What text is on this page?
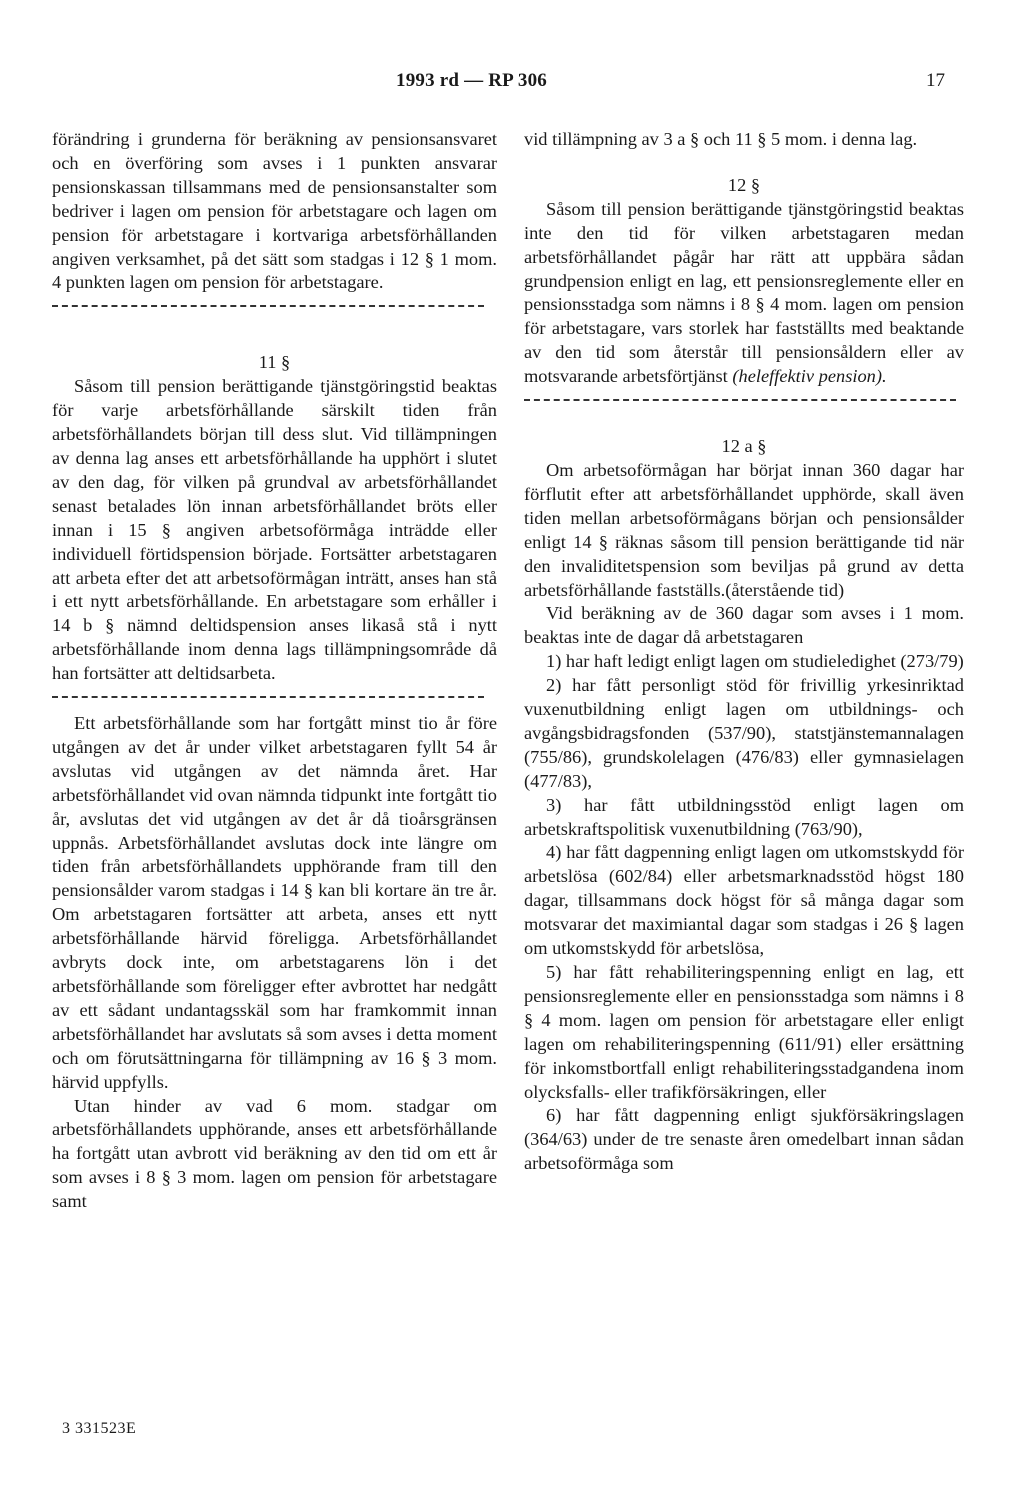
1993 rd — RP 306	17

förändring i grunderna för beräkning av pensionsansvaret och en överföring som avses i 1 punkten ansvarar pensionskassan tillsammans med de pensionsanstalter som bedriver i lagen om pension för arbetstagare och lagen om pension för arbetstagare i kortvariga arbetsförhållanden angiven verksamhet, på det sätt som stadgas i 12 § 1 mom. 4 punkten lagen om pension för arbetstagare.

11 §

Såsom till pension berättigande tjänstgöringstid beaktas för varje arbetsförhållande särskilt tiden från arbetsförhållandets början till dess slut. Vid tillämpningen av denna lag anses ett arbetsförhållande ha upphört i slutet av den dag, för vilken på grundval av arbetsförhållandet senast betalades lön innan arbetsförhållandet bröts eller innan i 15 § angiven arbetsoförmåga inträdde eller individuell förtidspension började. Fortsätter arbetstagaren att arbeta efter det att arbetsoförmågan inträtt, anses han stå i ett nytt arbetsförhållande. En arbetstagare som erhåller i 14 b § nämnd deltidspension anses likaså stå i nytt arbetsförhållande inom denna lags tillämpningsområde då han fortsätter att deltidsarbeta.

Ett arbetsförhållande som har fortgått minst tio år före utgången av det år under vilket arbetstagaren fyllt 54 år avslutas vid utgången av det nämnda året. Har arbetsförhållandet vid ovan nämnda tidpunkt inte fortgått tio år, avslutas det vid utgången av det år då tioårsgränsen uppnås. Arbetsförhållandet avslutas dock inte längre om tiden från arbetsförhållandets upphörande fram till den pensionsålder varom stadgas i 14 § kan bli kortare än tre år. Om arbetstagaren fortsätter att arbeta, anses ett nytt arbetsförhållande härvid föreligga. Arbetsförhållandet avbryts dock inte, om arbetstagarens lön i det arbetsförhållande som föreligger efter avbrottet har nedgått av ett sådant undantagsskäl som har framkommit innan arbetsförhållandet har avslutats så som avses i detta moment och om förutsättningarna för tillämpning av 16 § 3 mom. härvid uppfylls.

Utan hinder av vad 6 mom. stadgar om arbetsförhållandets upphörande, anses ett arbetsförhållande ha fortgått utan avbrott vid beräkning av den tid om ett år som avses i 8 § 3 mom. lagen om pension för arbetstagare samt

vid tillämpning av 3 a § och 11 § 5 mom. i denna lag.

12 §

Såsom till pension berättigande tjänstgöringstid beaktas inte den tid för vilken arbetstagaren medan arbetsförhållandet pågår har rätt att uppbära sådan grundpension enligt en lag, ett pensionsreglemente eller en pensionsstadga som nämns i 8 § 4 mom. lagen om pension för arbetstagare, vars storlek har fastställts med beaktande av den tid som återstår till pensionsåldern eller av motsvarande arbetsförtjänst (heleffektiv pension).

12 a §

Om arbetsoförmågan har börjat innan 360 dagar har förflutit efter att arbetsförhållandet upphörde, skall även tiden mellan arbetsoförmågans början och pensionsålder enligt 14 § räknas såsom till pension berättigande tid när den invaliditetspension som beviljas på grund av detta arbetsförhållande fastställs.(återstående tid)

Vid beräkning av de 360 dagar som avses i 1 mom. beaktas inte de dagar då arbetstagaren

1) har haft ledigt enligt lagen om studieledighet (273/79)

2) har fått personligt stöd för frivillig yrkesinriktad vuxenutbildning enligt lagen om utbildnings- och avgångsbidragsfonden (537/90), statstjänstemannalagen (755/86), grundskolelagen (476/83) eller gymnasielagen (477/83),

3) har fått utbildningsstöd enligt lagen om arbetskraftspolitisk vuxenutbildning (763/90),

4) har fått dagpenning enligt lagen om utkomstskydd för arbetslösa (602/84) eller arbetsmarknadsstöd högst 180 dagar, tillsammans dock högst för så många dagar som motsvarar det maximiantal dagar som stadgas i 26 § lagen om utkomstskydd för arbetslösa,

5) har fått rehabiliteringspenning enligt en lag, ett pensionsreglemente eller en pensionsstadga som nämns i 8 § 4 mom. lagen om pension för arbetstagare eller enligt lagen om rehabiliteringspenning (611/91) eller ersättning för inkomstbortfall enligt rehabiliteringsstadgandena inom olycksfalls- eller trafikförsäkringen, eller

6) har fått dagpenning enligt sjukförsäkringslagen (364/63) under de tre senaste åren omedelbart innan sådan arbetsoförmåga som

3 331523E
